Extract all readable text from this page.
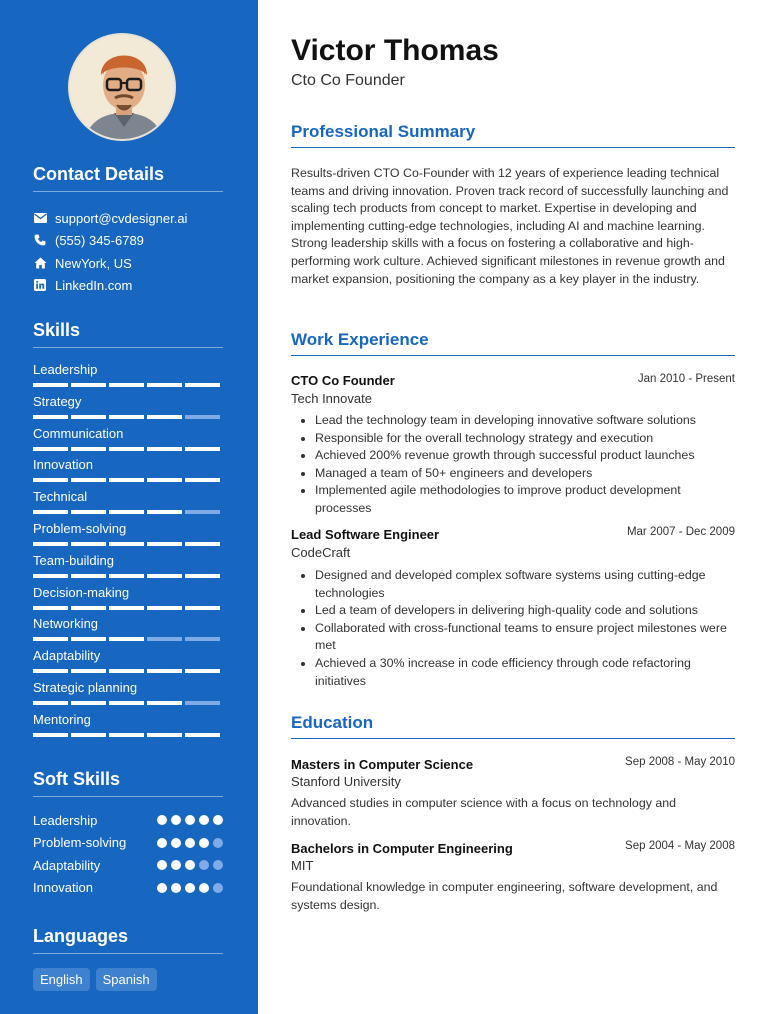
Contact Details
support@cvdesigner.ai
(555) 345-6789
NewYork, US
LinkedIn.com
Skills
Leadership
Strategy
Communication
Innovation
Technical
Problem-solving
Team-building
Decision-making
Networking
Adaptability
Strategic planning
Mentoring
Soft Skills
Leadership
Problem-solving
Adaptability
Innovation
Languages
English	Spanish
Victor Thomas
Cto Co Founder
Professional Summary

Results-driven CTO Co-Founder with 12 years of experience leading technical teams and driving innovation. Proven track record of successfully launching and scaling tech products from concept to market. Expertise in developing and implementing cutting-edge technologies, including AI and machine learning. Strong leadership skills with a focus on fostering a collaborative and high-performing work culture. Achieved significant milestones in revenue growth and market expansion, positioning the company as a key player in the industry.

Work Experience
CTO Co Founder	Jan 2010 - Present
Tech Innovate
• Lead the technology team in developing innovative software solutions
• Responsible for the overall technology strategy and execution
• Achieved 200% revenue growth through successful product launches
• Managed a team of 50+ engineers and developers
• Implemented agile methodologies to improve product development processes
Lead Software Engineer	Mar 2007 - Dec 2009
CodeCraft
• Designed and developed complex software systems using cutting-edge technologies
• Led a team of developers in delivering high-quality code and solutions
• Collaborated with cross-functional teams to ensure project milestones were met
• Achieved a 30% increase in code efficiency through code refactoring initiatives
Education
Masters in Computer Science	Sep 2008 - May 2010
Stanford University

Advanced studies in computer science with a focus on technology and innovation.

Bachelors in Computer Engineering	Sep 2004 - May 2008
MIT

Foundational knowledge in computer engineering, software development, and systems design.
